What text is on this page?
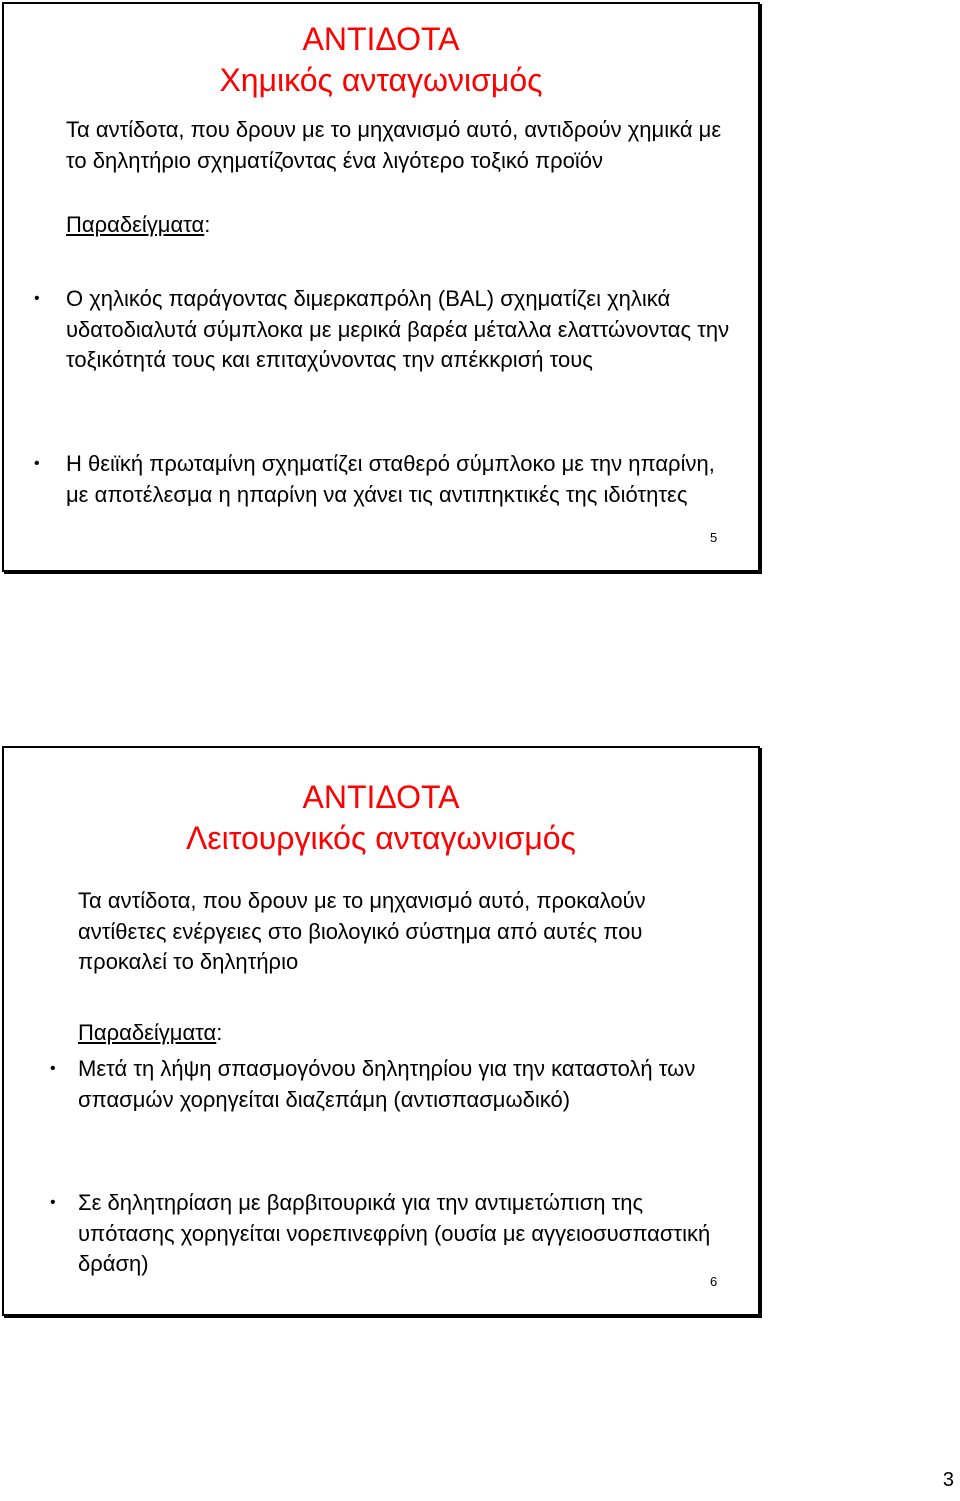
ΑΝΤΙΔΟΤΑ
Χημικός ανταγωνισμός

Τα αντίδοτα, που δρουν με το μηχανισμό αυτό, αντιδρούν χημικά με το δηλητήριο σχηματίζοντας ένα λιγότερο τοξικό προϊόν

Παραδείγματα:
• Ο χηλικός παράγοντας διμερκαπρόλη (BAL) σχηματίζει χηλικά υδατοδιαλυτά σύμπλοκα με μερικά βαρέα μέταλλα ελαττώνοντας την τοξικότητά τους και επιταχύνοντας την απέκκρισή τους
• Η θειϊκή πρωταμίνη σχηματίζει σταθερό σύμπλοκο με την ηπαρίνη, με αποτέλεσμα η ηπαρίνη να χάνει τις αντιπηκτικές της ιδιότητες
5
ΑΝΤΙΔΟΤΑ
Λειτουργικός ανταγωνισμός

Τα αντίδοτα, που δρουν με το μηχανισμό αυτό, προκαλούν αντίθετες ενέργειες στο βιολογικό σύστημα από αυτές που προκαλεί το δηλητήριο

Παραδείγματα:
• Μετά τη λήψη σπασμογόνου δηλητηρίου για την καταστολή των σπασμών χορηγείται διαζεπάμη (αντισπασμωδικό)
• Σε δηλητηρίαση με βαρβιτουρικά για την αντιμετώπιση της υπότασης χορηγείται νορεπινεφρίνη (ουσία με αγγειοσυσπαστική δράση)
6
3
